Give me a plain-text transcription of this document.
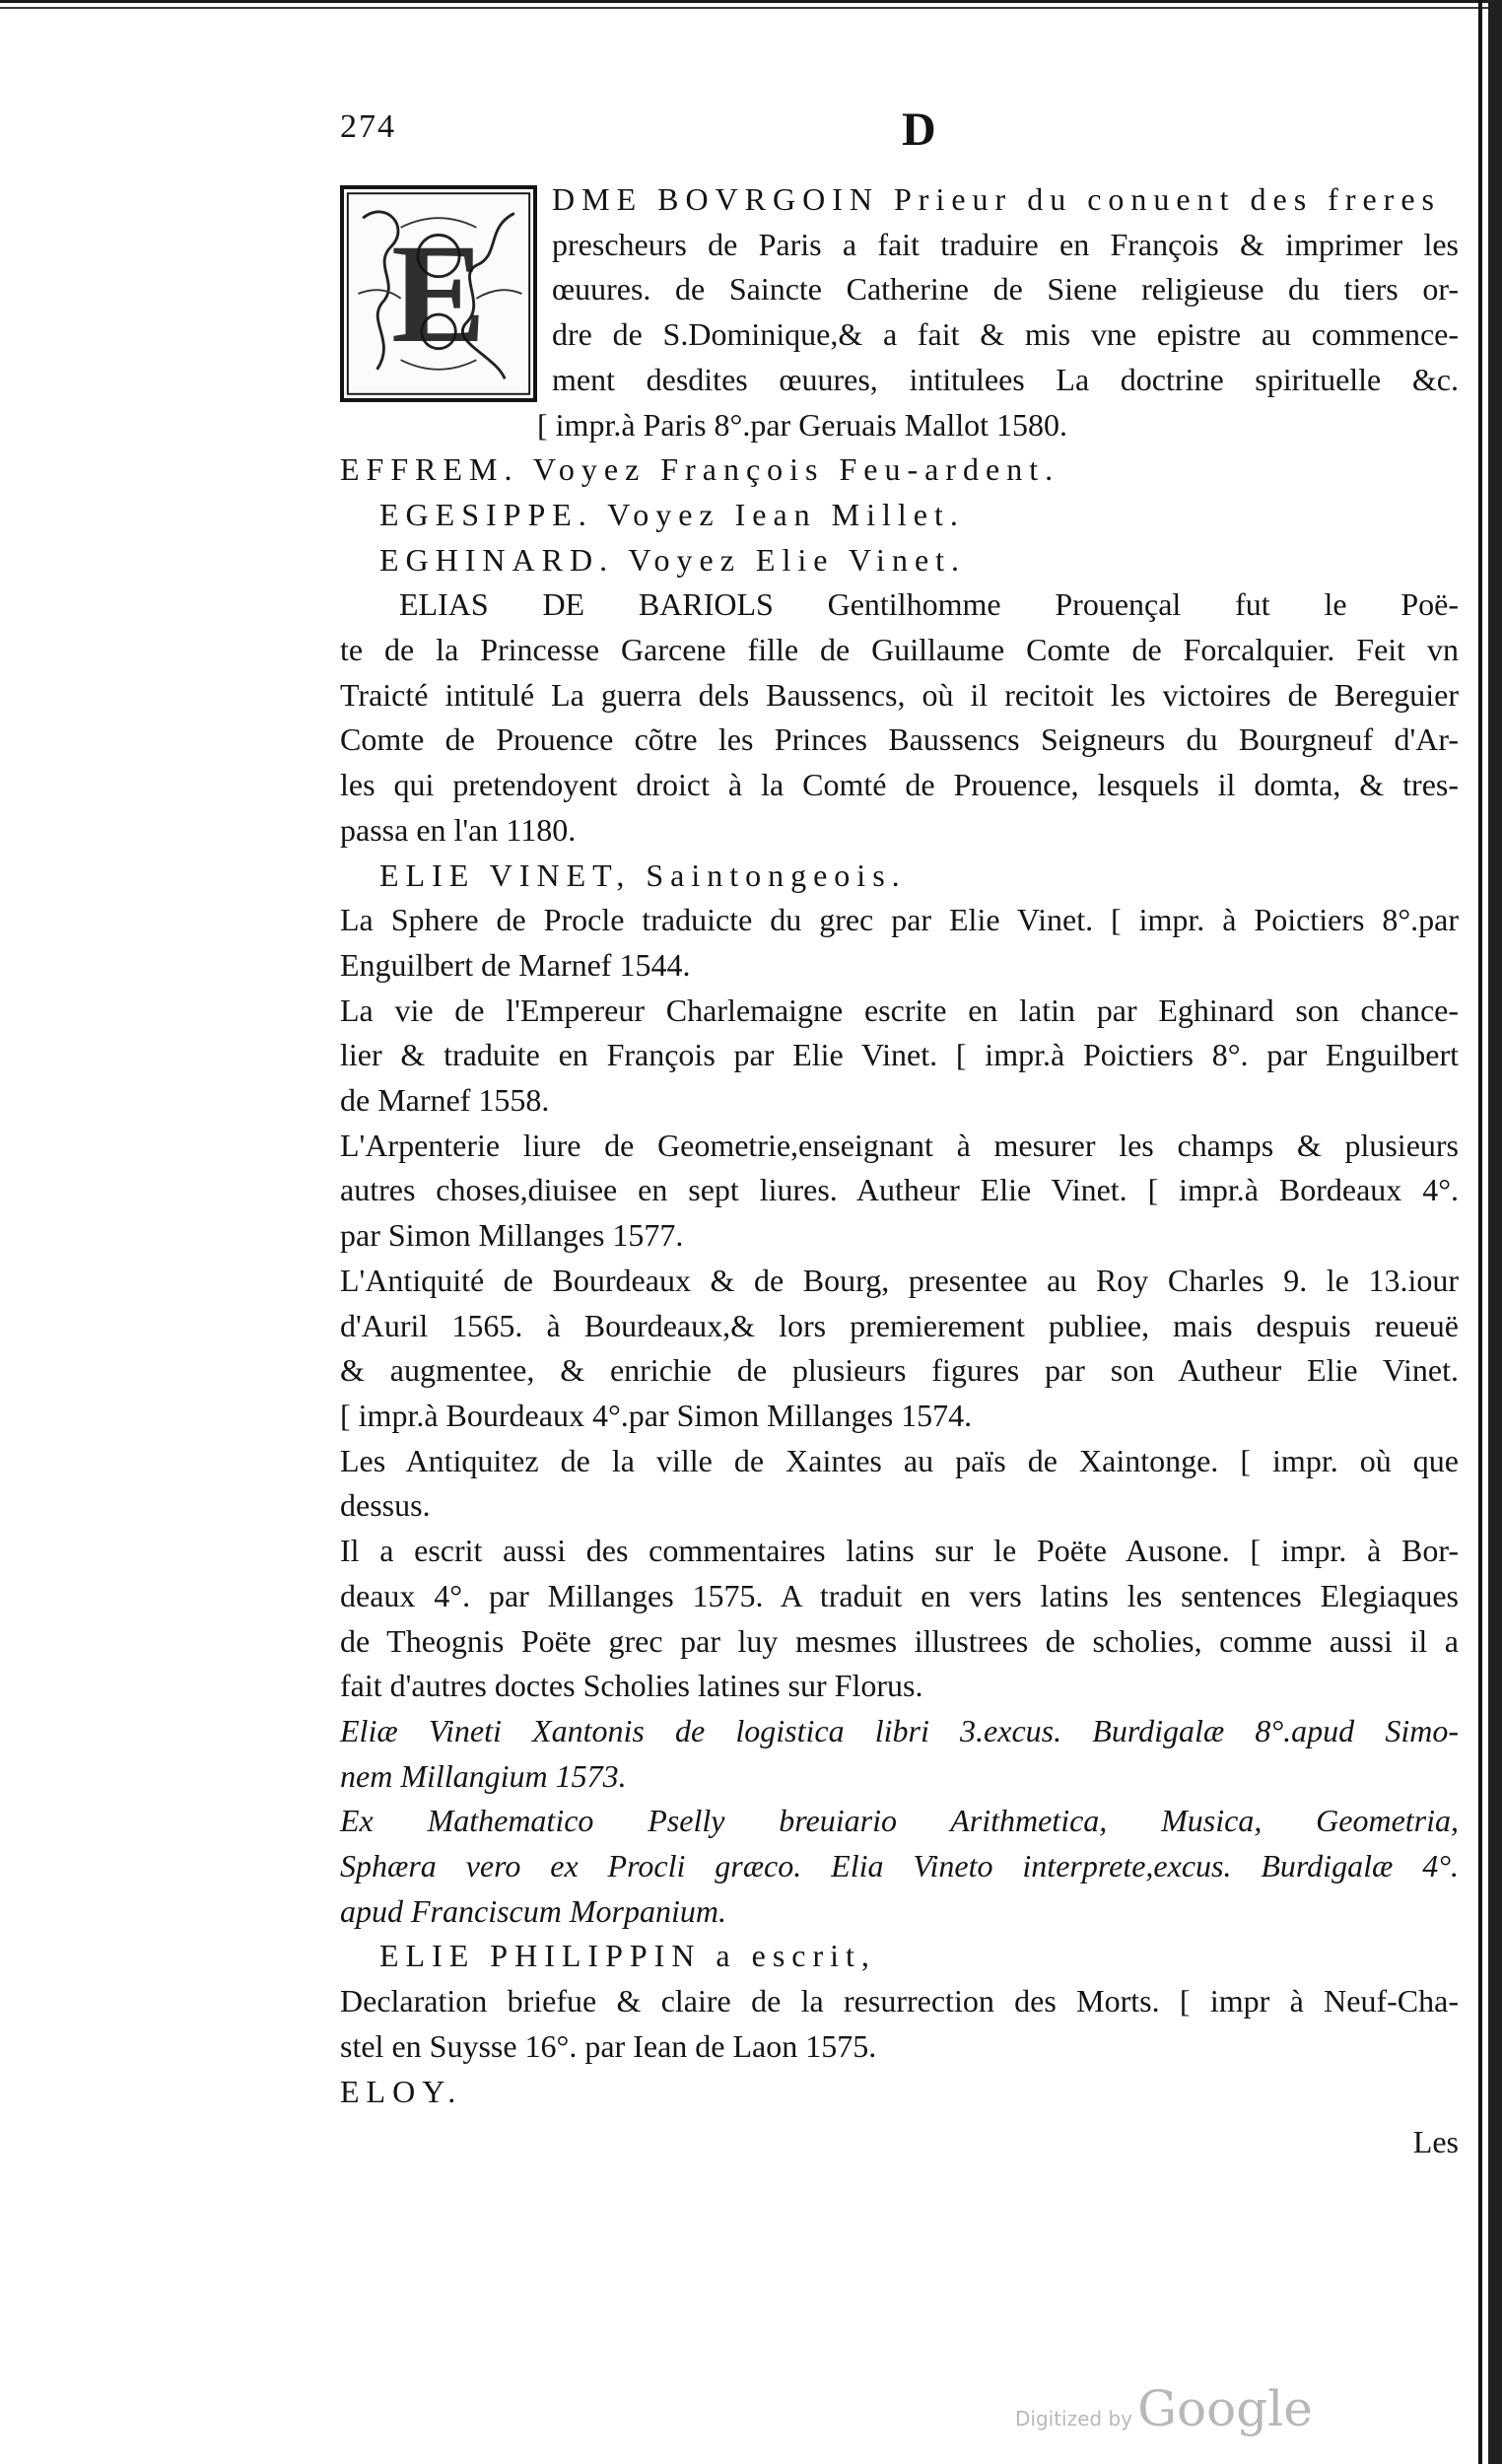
274	D
E
DME BOVRGOIN Prieur du conuent des freres
prescheurs de Paris a fait traduire en François & imprimer les
œuures. de Saincte Catherine de Siene religieuse du tiers or-
dre de S.Dominique,& a fait & mis vne epistre au commence-
ment desdites œuures, intitulees La doctrine spirituelle &c.
[ impr.à Paris 8°.par Geruais Mallot 1580.
EFFREM. Voyez François Feu-ardent.
EGESIPPE. Voyez Iean Millet.
EGHINARD. Voyez Elie Vinet.
ELIAS DE BARIOLS Gentilhomme Prouençal fut le Poë-
te de la Princesse Garcene fille de Guillaume Comte de Forcalquier. Feit vn
Traicté intitulé La guerra dels Baussencs, où il recitoit les victoires de Bereguier
Comte de Prouence cõtre les Princes Baussencs Seigneurs du Bourgneuf d'Ar-
les qui pretendoyent droict à la Comté de Prouence, lesquels il domta, & tres-
passa en l'an 1180.
ELIE VINET, Saintongeois.
La Sphere de Procle traduicte du grec par Elie Vinet. [ impr. à Poictiers 8°.par
Enguilbert de Marnef 1544.
La vie de l'Empereur Charlemaigne escrite en latin par Eghinard son chance-
lier & traduite en François par Elie Vinet. [ impr.à Poictiers 8°. par Enguilbert
de Marnef 1558.
L'Arpenterie liure de Geometrie,enseignant à mesurer les champs & plusieurs
autres choses,diuisee en sept liures. Autheur Elie Vinet. [ impr.à Bordeaux 4°.
par Simon Millanges 1577.
L'Antiquité de Bourdeaux & de Bourg, presentee au Roy Charles 9. le 13.iour
d'Auril 1565. à Bourdeaux,& lors premierement publiee, mais despuis reueuë
& augmentee, & enrichie de plusieurs figures par son Autheur Elie Vinet.
[ impr.à Bourdeaux 4°.par Simon Millanges 1574.
Les Antiquitez de la ville de Xaintes au païs de Xaintonge. [ impr. où que
dessus.
Il a escrit aussi des commentaires latins sur le Poëte Ausone. [ impr. à Bor-
deaux 4°. par Millanges 1575. A traduit en vers latins les sentences Elegiaques
de Theognis Poëte grec par luy mesmes illustrees de scholies, comme aussi il a
fait d'autres doctes Scholies latines sur Florus.
Eliæ Vineti Xantonis de logistica libri 3.excus. Burdigalæ 8°.apud Simo-
nem Millangium 1573.
Ex Mathematico Pselly breuiario Arithmetica, Musica, Geometria,
Sphæra vero ex Procli græco. Elia Vineto interprete,excus. Burdigalæ 4°.
apud Franciscum Morpanium.
ELIE PHILIPPIN a escrit,
Declaration briefue & claire de la resurrection des Morts. [ impr à Neuf-Cha-
stel en Suysse 16°. par Iean de Laon 1575.
ELOY.
Les
Digitized by Google
